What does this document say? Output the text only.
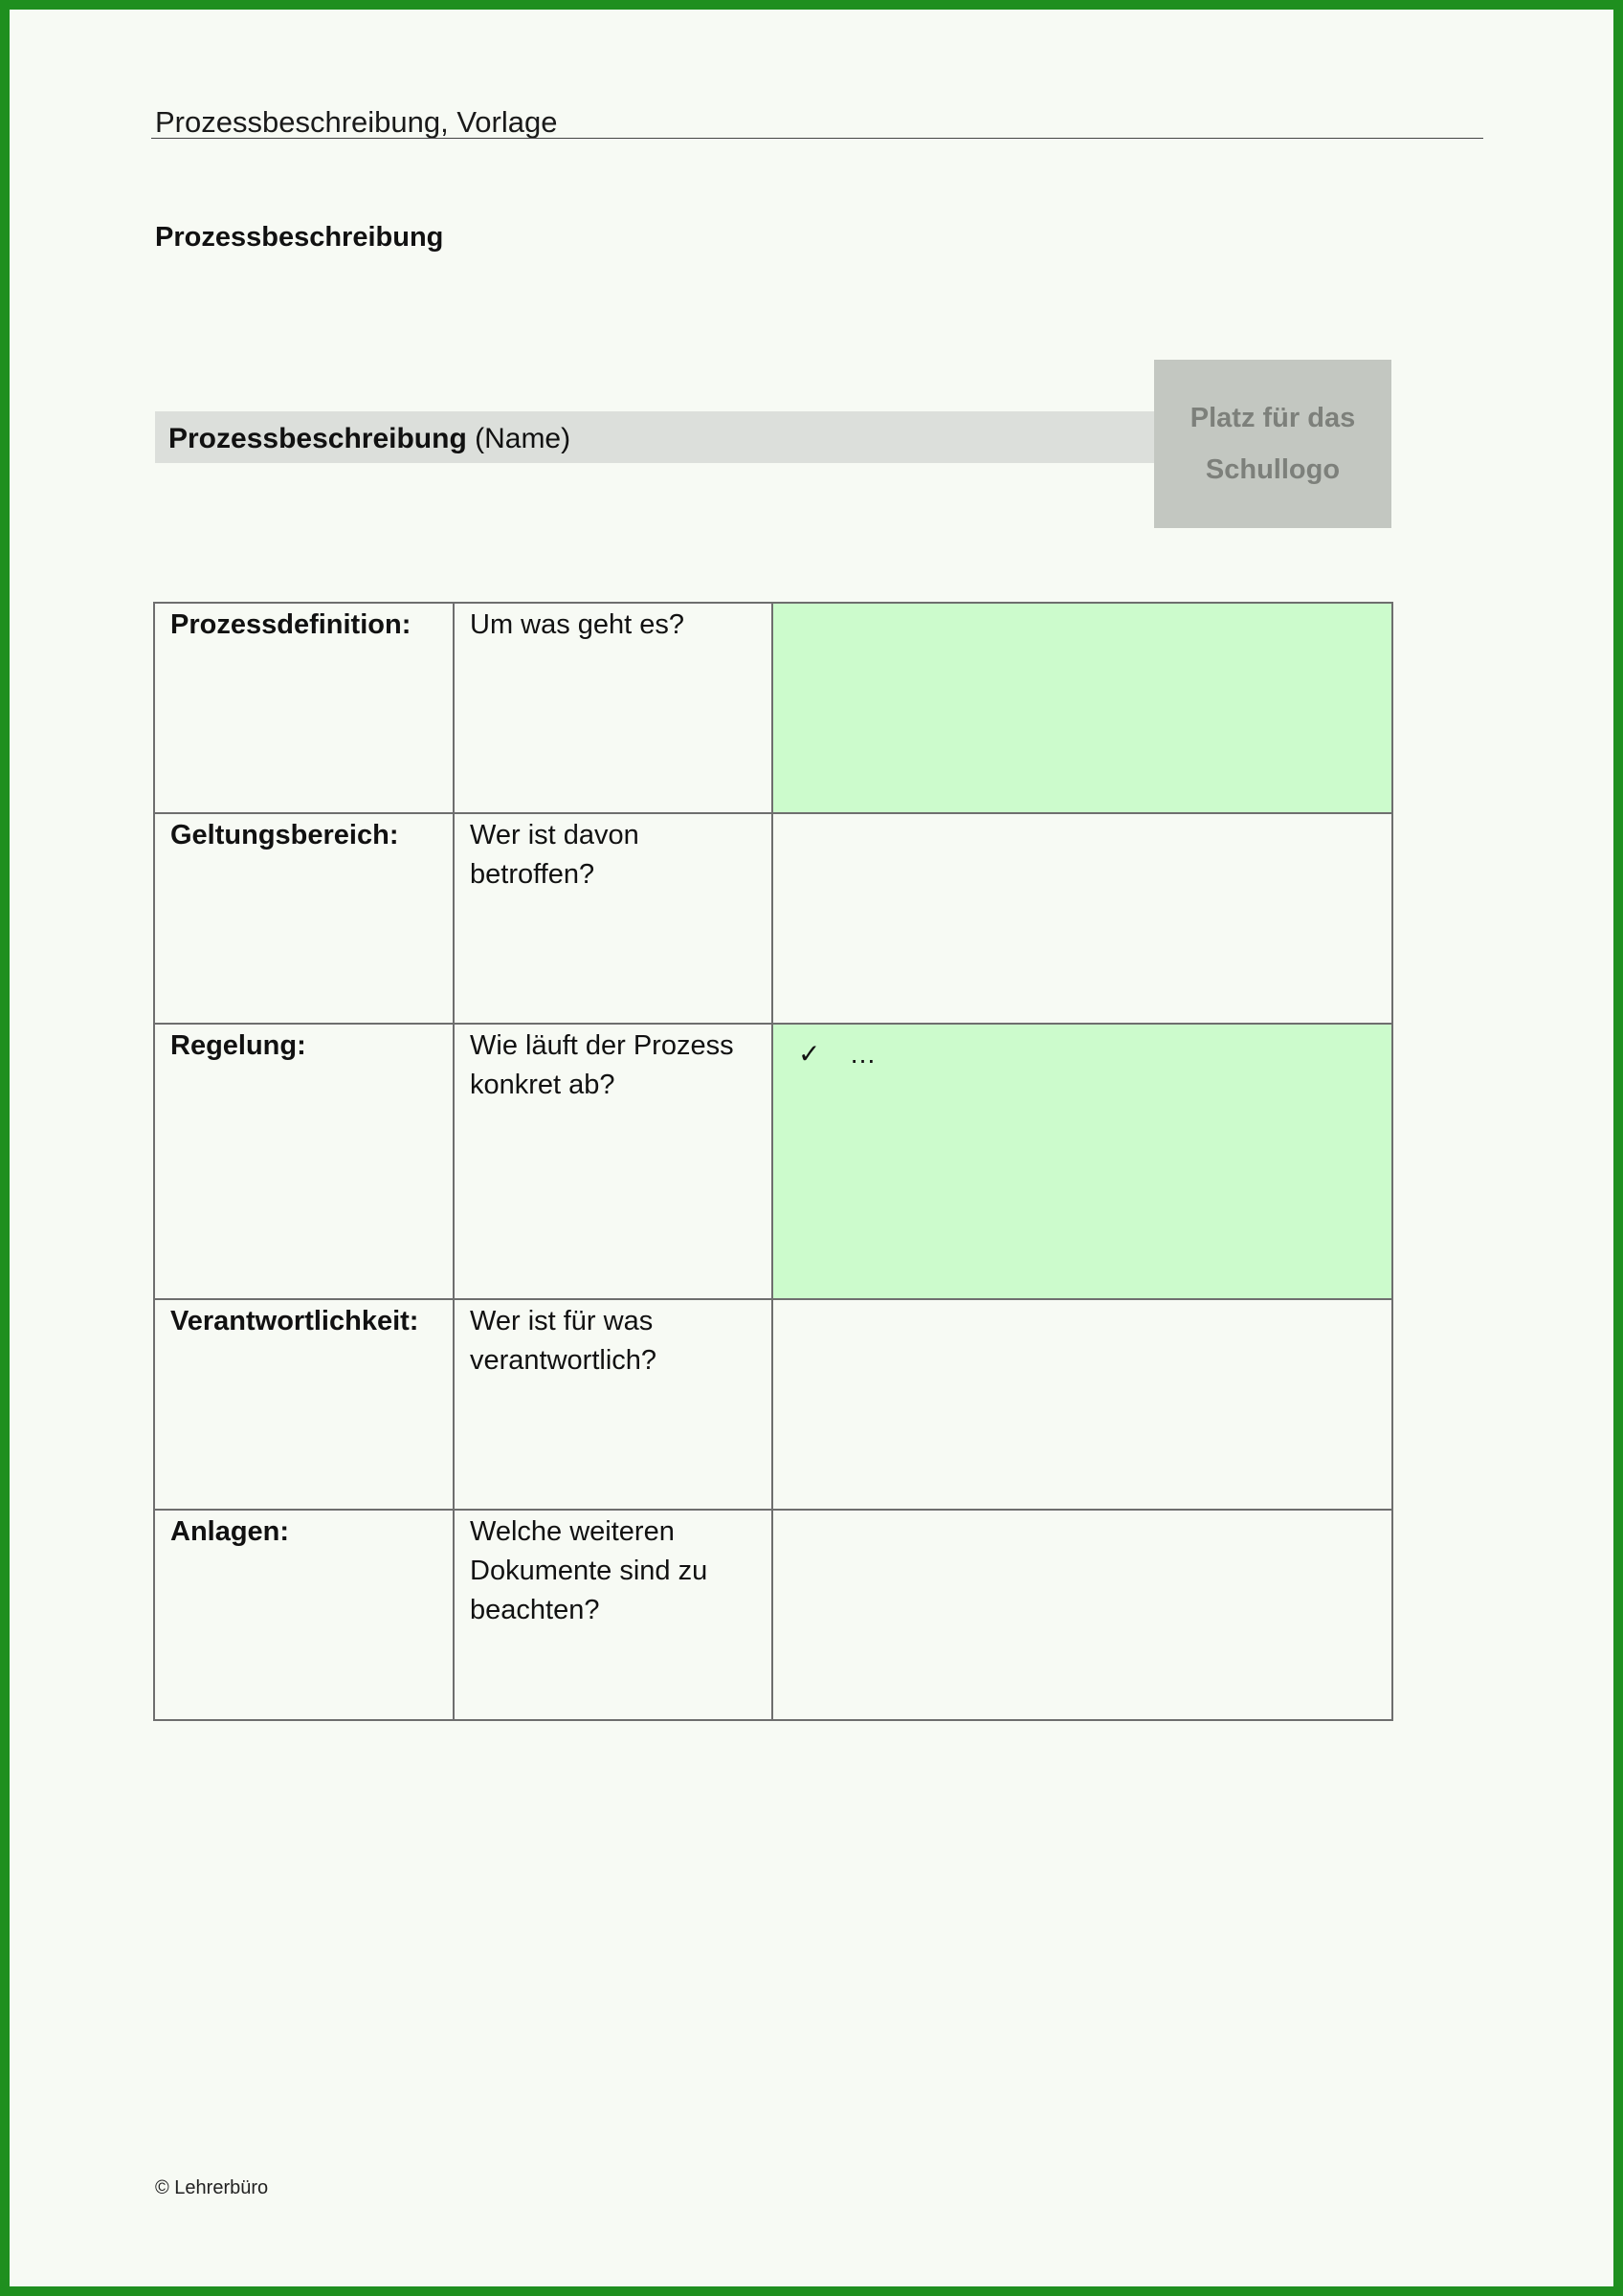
Prozessbeschreibung, Vorlage
Prozessbeschreibung
Prozessbeschreibung (Name)
Platz für das
Schullogo
Prozessdefinition:	Um was geht es?	
Geltungsbereich:	Wer ist davon betroffen?	
Regelung:	Wie läuft der Prozess konkret ab?	✓ …

Verantwortlichkeit:	Wer ist für was verantwortlich?	
Anlagen:	Welche weiteren Dokumente sind zu beachten?	
© Lehrerbüro
